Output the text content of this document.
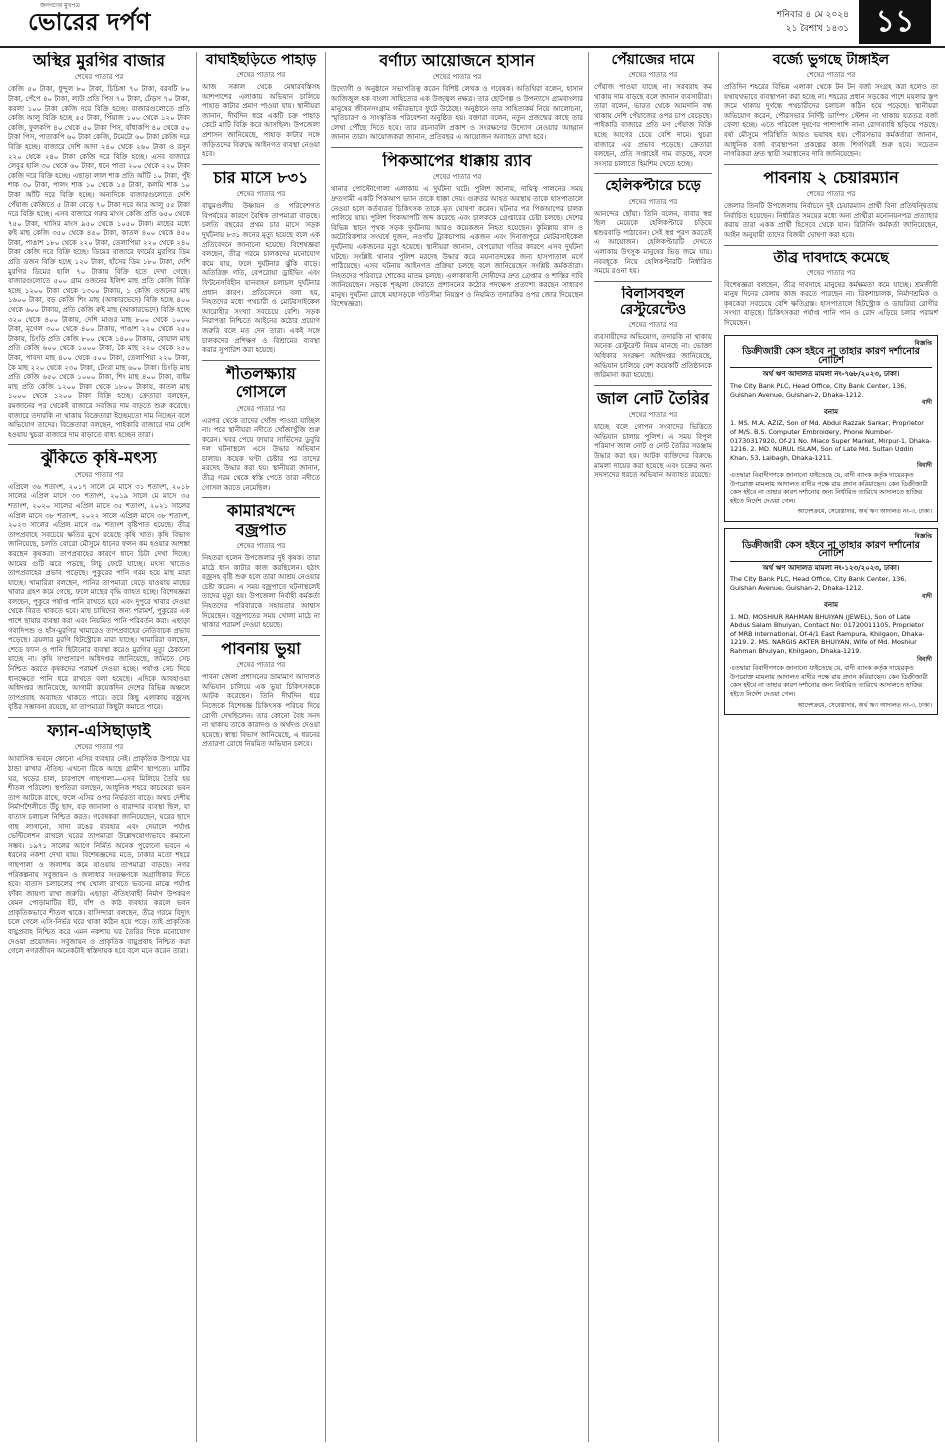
জনগণের মুখপত্র
ভোরের দর্পণ	শনিবার ৪ মে ২০২৪
২১ বৈশাখ ১৪৩১ ১১
অস্থির মুরগির বাজার
শেষের পাতার পর

কেজি ৫০ টাকা, ধুন্দুল ৮০ টাকা, চিচিঙ্গা ৭০ টাকা, বরবটি ৮০ টাকা, পেঁপে ৪০ টাকা, লাউ প্রতি পিস ৭০ টাকা, ঢেঁড়স ৭০ টাকা, করলা ১০০ টাকা কেজি দরে বিক্রি হচ্ছে। বাজারগুলোতে প্রতি কেজি আলু বিক্রি হচ্ছে ৫৫ টাকা, পিঁয়াজ ১০০ থেকে ১২০ টাকা কেজি, ফুলকপি ৪০ থেকে ৫০ টাকা পিস, বাঁধাকপি ৪০ থেকে ৫০ টাকা পিস, পাতাকপি ৬০ টাকা কেজি, টমেটো ৬০ টাকা কেজি দরে বিক্রি হচ্ছে। বাজারে দেশি আদা ২৪০ থেকে ২৬০ টাকা ও রসুন ২২০ থেকে ২৪০ টাকা কেজি দরে বিক্রি হচ্ছে। এসব বাজারে লেবুর হালি ৩০ থেকে ৬০ টাকা, ধনে পাতা ২০০ থেকে ২২০ টাকা কেজি দরে বিক্রি হচ্ছে। এছাড়া লাল শাক প্রতি আঁটি ১০ টাকা, পুঁই শাক ৩০ টাকা, পালং শাক ১০ থেকে ১৫ টাকা, কলমি শাক ১০ টাকা আঁটি দরে বিক্রি হচ্ছে। অন্যদিকে বাজারগুলোতে দেশি পেঁয়াজ কেজিতে ৫ টাকা বেড়ে ৭০ টাকা দরে আর আলু ৫৫ টাকা দরে বিক্রি হচ্ছে। এসব বাজারে গরুর মাংস কেজি প্রতি ৬৫০ থেকে ৭৫০ টাকা, খাসির মাংস ৯৫০ থেকে ১০৫০ টাকা। মাছের মধ্যে রুই মাছ কেজি ৩৫০ থেকে ৪৫০ টাকা, কাতল ৪০০ থেকে ৪৫০ টাকা, পাঙাশ ১৮০ থেকে ২২০ টাকা, তেলাপিয়া ২২০ থেকে ২৪০ টাকা কেজি দরে বিক্রি হচ্ছে। ডিমের বাজারে ফার্মের মুরগির ডিম প্রতি ডজন বিক্রি হচ্ছে ১২০ টাকা, হাঁসের ডিম ১৮০ টাকা, দেশি মুরগির ডিমের হালি ৭০ টাকায় বিক্রি হতে দেখা গেছে। বাজারগুলোতে ৫০০ গ্রাম ওজনের ইলিশ মাছ প্রতি কেজি বিক্রি হচ্ছে ১২০০ টাকা থেকে ১৩০০ টাকায়, ১ কেজি ওজনের মাছ ১৬০০ টাকা, বড় কেজি শিং মাছ (আকারভেদে) বিক্রি হচ্ছে ৪০০ থেকে ৬০০ টাকায়, প্রতি কেজি রুই মাছ (আকারভেদে) বিক্রি হচ্ছে ৩২০ থেকে ৪০০ টাকায়, দেশি মাগুর মাছ ৮০০ থেকে ১০০০ টাকা, মৃগেল ৩০০ থেকে ৪০০ টাকায়, পাঙাশ ২২০ থেকে ২৫০ টাকায়, চিংড়ি প্রতি কেজি ৮০০ থেকে ১৪০০ টাকায়, বোয়াল মাছ প্রতি কেজি ৬০০ থেকে ১০০০ টাকা, কৈ মাছ ২২০ থেকে ২৫০ টাকা, পাবদা মাছ ৪০০ থেকে ৫০০ টাকা, তেলাপিয়া ২২০ টাকা, কৈ মাছ ২২০ থেকে ২৩০ টাকা, টেংরা মাছ ৬০০ টাকা। চিংড়ি মাছ প্রতি কেজি ৬৫০ থেকে ১০০০ টাকা, শিং মাছ ৪০০ টাকা, বাইম মাছ প্রতি কেজি ১২০০ টাকা থেকে ১৮০০ টাকায়, কাতল মাছ ১০০০ থেকে ১২০০ টাকা বিক্রি হচ্ছে। ক্রেতারা বলছেন, রমজানের পর থেকেই বাজারে সবজির দাম বাড়তে শুরু করেছে। বাজারে তদারকি না থাকায় বিক্রেতারা ইচ্ছেমতো দাম নিচ্ছেন বলে অভিযোগ তাদের। বিক্রেতারা বলছেন, পাইকারি বাজারে দাম বেশি হওয়ায় খুচরা বাজারে দাম বাড়াতে বাধ্য হচ্ছেন তারা।

ঝুঁকিতে কৃষি-মৎস্য
শেষের পাতার পর

এপ্রিলে ৩৬ শতাংশ, ২০১৭ সালে মে মাসে ৩১ শতাংশ, ২০১৮ সালের এপ্রিল মাসে ৩৩ শতাংশ, ২০১৯ সালে মে মাসে ৩৫ শতাংশ, ২০২০ সালের এপ্রিল মাসে ৩৫ শতাংশ, ২০২১ সালের এপ্রিল মাসে ৩৮ শতাংশ, ২০২২ সালে এপ্রিল মাসে ৩৮ শতাংশ, ২০২৩ সালের এপ্রিল মাসে ৩৯ শতাংশ বৃষ্টিপাত হয়েছে। তীব্র তাপপ্রবাহে সবচেয়ে ক্ষতির মুখে রয়েছে কৃষি খাত। কৃষি বিভাগ জানিয়েছে, চলতি বোরো মৌসুমে ধানের ফলন কম হওয়ার আশঙ্কা করছেন কৃষকরা। তাপপ্রবাহের কারণে ধানে চিটা দেখা দিচ্ছে। আমের গুটি ঝরে পড়ছে, লিচু ফেটে যাচ্ছে। মৎস্য খাতেও তাপপ্রবাহের প্রভাব পড়েছে। পুকুরের পানি গরম হয়ে মাছ মারা যাচ্ছে। খামারিরা বলছেন, পানির তাপমাত্রা বেড়ে যাওয়ায় মাছের খাবার গ্রহণ কমে গেছে, ফলে মাছের বৃদ্ধি ব্যাহত হচ্ছে। বিশেষজ্ঞরা বলছেন, পুকুরে পর্যাপ্ত পানি রাখতে হবে এবং দুপুরে খাবার দেওয়া থেকে বিরত থাকতে হবে। মাছ চাষিদের জন্য পরামর্শ, পুকুরের এক পাশে ছায়ার ব্যবস্থা করা এবং নিয়মিত পানি পরিবর্তন করা। এছাড়া গবাদিপশু ও হাঁস-মুরগির খামারেও তাপপ্রবাহের নেতিবাচক প্রভাব পড়েছে। ব্রয়লার মুরগি হিটস্ট্রোকে মারা যাচ্ছে। খামারিরা বলছেন, শেডে ফ্যান ও পানি ছিটানোর ব্যবস্থা করেও মুরগির মৃত্যু ঠেকানো যাচ্ছে না। কৃষি সম্প্রসারণ অধিদপ্তর জানিয়েছে, জমিতে সেচ নিশ্চিত করতে কৃষকদের পরামর্শ দেওয়া হচ্ছে। পর্যাপ্ত সেচ দিয়ে ধানক্ষেতে পানি ধরে রাখতে বলা হয়েছে। এদিকে আবহাওয়া অধিদপ্তর জানিয়েছে, আগামী কয়েকদিন দেশের বিভিন্ন অঞ্চলে তাপপ্রবাহ অব্যাহত থাকতে পারে। তবে কিছু এলাকায় বজ্রসহ বৃষ্টির সম্ভাবনা রয়েছে, যা তাপমাত্রা কিছুটা কমাতে পারে।

ফ্যান-এসিছাড়াই
শেষের পাতার পর

আবাসিক ভবনে কোনো এসির ব্যবহার নেই। প্রাকৃতিক উপায়ে ঘর ঠান্ডা রাখার ঐতিহ্য এখনো টিকে আছে গ্রামীণ স্থাপত্যে। মাটির ঘর, খড়ের চাল, চারপাশে গাছপালা—এসব মিলিয়ে তৈরি হয় শীতল পরিবেশ। স্থপতিরা বলছেন, আধুনিক শহরে কাচঘেরা ভবন তাপ আটকে রাখে, ফলে এসির ওপর নির্ভরতা বাড়ে। অথচ দেশীয় নির্মাণশৈলীতে উঁচু ছাদ, বড় জানালা ও বারান্দার ব্যবস্থা ছিল, যা বাতাস চলাচল নিশ্চিত করত। গবেষকরা জানিয়েছেন, ঘরের ছাদে গাছ লাগানো, সাদা রঙের ব্যবহার এবং দেয়ালে পর্যাপ্ত ভেন্টিলেশন রাখলে ঘরের তাপমাত্রা উল্লেখযোগ্যভাবে কমানো সম্ভব। ১৯৭১ সালের আগে নির্মিত অনেক পুরোনো ভবনে এ ধরনের নকশা দেখা যায়। বিশেষজ্ঞদের মতে, ঢাকার মতো শহরে গাছপালা ও জলাশয় কমে যাওয়ায় তাপমাত্রা বাড়ছে। নগর পরিকল্পনায় সবুজায়ন ও জলাধার সংরক্ষণকে অগ্রাধিকার দিতে হবে। বাতাস চলাচলের পথ খোলা রাখতে ভবনের মাঝে পর্যাপ্ত ফাঁকা জায়গা রাখা জরুরি। এছাড়া ঐতিহ্যবাহী নির্মাণ উপকরণ যেমন পোড়ামাটির ইট, বাঁশ ও কাঠ ব্যবহার করলে ভবন প্রাকৃতিকভাবে শীতল থাকে। বাসিন্দারা বলছেন, তীব্র গরমে বিদ্যুৎ চলে গেলে এসি-নির্ভর ঘরে থাকা কঠিন হয়ে পড়ে। তাই প্রাকৃতিক বায়ুপ্রবাহ নিশ্চিত করে এমন নকশায় ঘর তৈরির দিকে মনোযোগ দেওয়া প্রয়োজন। সবুজায়ন ও প্রাকৃতিক বায়ুপ্রবাহ নিশ্চিত করা গেলে নগরজীবন অনেকটাই স্বস্তিদায়ক হবে বলে মনে করেন তারা।

বাঘাইছড়িতে পাহাড়
শেষের পাতার পর

আজ সকাল থেকে মেম্বারবস্তিসহ আশপাশের এলাকায় অভিযান চালিয়ে পাহাড় কাটার প্রমাণ পাওয়া যায়। স্থানীয়রা জানান, দীর্ঘদিন ধরে একটি চক্র পাহাড় কেটে মাটি বিক্রি করে আসছিল। উপজেলা প্রশাসন জানিয়েছে, পাহাড় কাটার সঙ্গে জড়িতদের বিরুদ্ধে আইনগত ব্যবস্থা নেওয়া হবে।

চার মাসে ৮৩১
শেষের পাতার পর

বায়ুমণ্ডলীয় উষ্ণায়ন ও পরিবেশগত বিপর্যয়ের কারণে বৈশ্বিক তাপমাত্রা বাড়ছে। চলতি বছরের প্রথম চার মাসে সড়ক দুর্ঘটনায় ৮৩১ জনের মৃত্যু হয়েছে বলে এক প্রতিবেদনে জানানো হয়েছে। বিশেষজ্ঞরা বলছেন, তীব্র গরমে চালকদের মনোযোগ কমে যায়, ফলে দুর্ঘটনার ঝুঁকি বাড়ে। অতিরিক্ত গতি, বেপরোয়া ড্রাইভিং এবং ফিটনেসবিহীন যানবাহন চলাচল দুর্ঘটনার প্রধান কারণ। প্রতিবেদনে বলা হয়, নিহতদের মধ্যে পথচারী ও মোটরসাইকেল আরোহীর সংখ্যা সবচেয়ে বেশি। সড়ক নিরাপত্তা নিশ্চিতে আইনের কঠোর প্রয়োগ জরুরি বলে মত দেন তারা। একই সঙ্গে চালকদের প্রশিক্ষণ ও বিশ্রামের ব্যবস্থা করার সুপারিশ করা হয়েছে।

শীতলক্ষ্যায় গোসলে
শেষের পাতার পর

এরপর থেকে তাদের খোঁজ পাওয়া যাচ্ছিল না। পরে স্থানীয়রা নদীতে খোঁজাখুঁজি শুরু করেন। খবর পেয়ে ফায়ার সার্ভিসের ডুবুরি দল ঘটনাস্থলে এসে উদ্ধার অভিযান চালায়। কয়েক ঘণ্টা চেষ্টার পর তাদের মরদেহ উদ্ধার করা হয়। স্থানীয়রা জানান, তীব্র গরম থেকে স্বস্তি পেতে তারা নদীতে গোসল করতে নেমেছিল।

কামারখন্দে বজ্রপাত
শেষের পাতার পর

নিহতরা হলেন উপজেলার দুই কৃষক। তারা মাঠে ধান কাটার কাজ করছিলেন। হঠাৎ বজ্রসহ বৃষ্টি শুরু হলে তারা আশ্রয় নেওয়ার চেষ্টা করেন। এ সময় বজ্রপাতে ঘটনাস্থলেই তাদের মৃত্যু হয়। উপজেলা নির্বাহী কর্মকর্তা নিহতদের পরিবারকে সহায়তার আশ্বাস দিয়েছেন। বজ্রপাতের সময় খোলা মাঠে না থাকার পরামর্শ দেওয়া হয়েছে।

পাবনায় ভুয়া
শেষের পাতার পর

পাবনা জেলা প্রশাসনের ভ্রাম্যমাণ আদালত অভিযান চালিয়ে এক ভুয়া চিকিৎসককে আটক করেছেন। তিনি দীর্ঘদিন ধরে নিজেকে বিশেষজ্ঞ চিকিৎসক পরিচয় দিয়ে রোগী দেখছিলেন। তার কোনো বৈধ সনদ না থাকায় তাকে কারাদণ্ড ও অর্থদণ্ড দেওয়া হয়েছে। স্বাস্থ্য বিভাগ জানিয়েছে, এ ধরনের প্রতারণা রোধে নিয়মিত অভিযান চলবে।

বর্ণাঢ্য আয়োজনে হাসান
শেষের পাতার পর

উদ্যোগী ও অনুষ্ঠানে সভাপতিত্ব করেন বিশিষ্ট লেখক ও গবেষক। অতিথিরা বলেন, হাসান আজিজুল হক বাংলা সাহিত্যের এক উজ্জ্বল নক্ষত্র। তার ছোটগল্প ও উপন্যাসে গ্রামবাংলার মানুষের জীবনসংগ্রাম গভীরভাবে ফুটে উঠেছে। অনুষ্ঠানে তার সাহিত্যকর্ম নিয়ে আলোচনা, স্মৃতিচারণ ও সাংস্কৃতিক পরিবেশনা অনুষ্ঠিত হয়। বক্তারা বলেন, নতুন প্রজন্মের কাছে তার লেখা পৌঁছে দিতে হবে। তার রচনাবলি প্রকাশ ও সংরক্ষণের উদ্যোগ নেওয়ার আহ্বান জানান তারা। আয়োজকরা জানান, প্রতিবছর এ আয়োজন অব্যাহত রাখা হবে।

পিকআপের ধাক্কায় র‌্যাব
শেষের পাতার পর

থানার পোস্টোগোলা এলাকায় এ দুর্ঘটনা ঘটে। পুলিশ জানায়, দায়িত্ব পালনের সময় দ্রুতগামী একটি পিকআপ ভ্যান তাকে ধাক্কা দেয়। গুরুতর আহত অবস্থায় তাকে হাসপাতালে নেওয়া হলে কর্তব্যরত চিকিৎসক তাকে মৃত ঘোষণা করেন। ঘটনার পর পিকআপের চালক পালিয়ে যায়। পুলিশ পিকআপটি জব্দ করেছে এবং চালককে গ্রেপ্তারের চেষ্টা চলছে। দেশের বিভিন্ন স্থানে পৃথক সড়ক দুর্ঘটনায় আরও কয়েকজন নিহত হয়েছেন। কুমিল্লায় বাস ও অটোরিকশার সংঘর্ষে দুজন, নওগাঁয় ট্রাকচাপায় একজন এবং দিনাজপুরে মোটরসাইকেল দুর্ঘটনায় একজনের মৃত্যু হয়েছে। স্থানীয়রা জানান, বেপরোয়া গতির কারণে এসব দুর্ঘটনা ঘটছে। সংশ্লিষ্ট থানার পুলিশ মরদেহ উদ্ধার করে ময়নাতদন্তের জন্য হাসপাতাল মর্গে পাঠিয়েছে। এসব ঘটনায় আইনগত প্রক্রিয়া চলছে বলে জানিয়েছেন সংশ্লিষ্ট কর্মকর্তারা। নিহতদের পরিবারে শোকের মাতম চলছে। এলাকাবাসী দোষীদের দ্রুত গ্রেপ্তার ও শাস্তির দাবি জানিয়েছেন। সড়কে শৃঙ্খলা ফেরাতে প্রশাসনের কঠোর পদক্ষেপ প্রত্যাশা করছেন সাধারণ মানুষ। দুর্ঘটনা রোধে মহাসড়কে গতিসীমা নিয়ন্ত্রণ ও নিয়মিত তদারকির ওপর জোর দিয়েছেন বিশেষজ্ঞরা।

পেঁয়াজের দামে
শেষের পাতার পর

পেঁয়াজ পাওয়া যাচ্ছে না। সরবরাহ কম থাকায় দাম বাড়ছে বলে জানান ব্যবসায়ীরা। তারা বলেন, ভারত থেকে আমদানি বন্ধ থাকায় দেশি পেঁয়াজের ওপর চাপ বেড়েছে। পাইকারি বাজারে প্রতি মণ পেঁয়াজ বিক্রি হচ্ছে আগের চেয়ে বেশি দামে। খুচরা বাজারে এর প্রভাব পড়েছে। ক্রেতারা বলছেন, প্রতি সপ্তাহেই দাম বাড়ছে, ফলে সংসার চালাতে হিমশিম খেতে হচ্ছে।

হেলিকপ্টারে চড়ে
শেষের পাতার পর

আনন্দের ছোঁয়া। তিনি বলেন, বাবার স্বপ্ন ছিল মেয়েকে হেলিকপ্টারে চড়িয়ে শ্বশুরবাড়ি পাঠাবেন। সেই স্বপ্ন পূরণ করতেই এ আয়োজন। হেলিকপ্টারটি দেখতে এলাকায় উৎসুক মানুষের ভিড় জমে যায়। নববধূকে নিয়ে হেলিকপ্টারটি নির্ধারিত সময়ে রওনা হয়।

বিলাসবহুল রেস্টুরেন্টেও
শেষের পাতার পর

ব্যবসায়ীদের অভিযোগ, তদারকি না থাকায় অনেক রেস্টুরেন্ট নিয়ম মানছে না। ভোক্তা অধিকার সংরক্ষণ অধিদপ্তর জানিয়েছে, অভিযান চালিয়ে বেশ কয়েকটি প্রতিষ্ঠানকে জরিমানা করা হয়েছে।

জাল নোট তৈরির
শেষের পাতার পর

যাচ্ছে বলে গোপন সংবাদের ভিত্তিতে অভিযান চালায় পুলিশ। এ সময় বিপুল পরিমাণ জাল নোট ও নোট তৈরির সরঞ্জাম উদ্ধার করা হয়। আটক ব্যক্তিদের বিরুদ্ধে মামলা দায়ের করা হয়েছে এবং চক্রের অন্য সদস্যদের ধরতে অভিযান অব্যাহত রয়েছে।

বর্জ্যে ভুগছে টাঙ্গাইল
শেষের পাতার পর

প্রতিদিন শহরের বিভিন্ন এলাকা থেকে টন টন বর্জ্য সংগ্রহ করা হলেও তা যথাযথভাবে ব্যবস্থাপনা করা হচ্ছে না। শহরের প্রধান সড়কের পাশে ময়লার স্তূপ জমে থাকায় দুর্গন্ধে পথচারীদের চলাচল কঠিন হয়ে পড়েছে। স্থানীয়রা অভিযোগ করেন, পৌরসভার নির্দিষ্ট ডাম্পিং স্টেশন না থাকায় যত্রতত্র বর্জ্য ফেলা হচ্ছে। এতে পরিবেশ দূষণের পাশাপাশি নানা রোগব্যাধি ছড়িয়ে পড়ছে। বর্ষা মৌসুমে পরিস্থিতি আরও ভয়াবহ হয়। পৌরসভার কর্মকর্তারা জানান, আধুনিক বর্জ্য ব্যবস্থাপনা প্রকল্পের কাজ শিগগিরই শুরু হবে। সচেতন নাগরিকরা দ্রুত স্থায়ী সমাধানের দাবি জানিয়েছেন।

পাবনায় ২ চেয়ারম্যান
শেষের পাতার পর

জেলার তিনটি উপজেলায় নির্বাচনে দুই চেয়ারম্যান প্রার্থী বিনা প্রতিদ্বন্দ্বিতায় নির্বাচিত হয়েছেন। নির্ধারিত সময়ের মধ্যে অন্য প্রার্থীরা মনোনয়নপত্র প্রত্যাহার করায় তারা একক প্রার্থী হিসেবে থেকে যান। রিটার্নিং কর্মকর্তা জানিয়েছেন, আইন অনুযায়ী তাদের বিজয়ী ঘোষণা করা হবে।

তীব্র দাবদাহে কমেছে
শেষের পাতার পর

বিশেষজ্ঞরা বলছেন, তীব্র দাবদাহে মানুষের কর্মক্ষমতা কমে যাচ্ছে। শ্রমজীবী মানুষ দিনের বেলায় কাজ করতে পারছেন না। রিকশাচালক, নির্মাণশ্রমিক ও কৃষকেরা সবচেয়ে বেশি ক্ষতিগ্রস্ত। হাসপাতালে হিটস্ট্রোক ও ডায়রিয়া রোগীর সংখ্যা বাড়ছে। চিকিৎসকরা পর্যাপ্ত পানি পান ও রোদ এড়িয়ে চলার পরামর্শ দিয়েছেন।

বিজ্ঞপ্তি
ডিক্রীজারী কেস হইবে না তাহার কারণ দর্শানোর নোটিশ
অর্থ ঋণ আদালত মামলা নং-৭৬৮/২০২৩, ঢাকা।
The City Bank PLC, Head Office, City Bank Center, 136, Gulshan Avenue, Gulshan-2, Dhaka-1212.
বাদী
বনাম
1. MS. M.A. AZIZ, Son of Md. Abdul Razzak Sarkar, Proprietor of M/S. B.S. Computer Embroidery, Phone Number-01730317920, Of-21 No. Miaco Super Market, Mirpur-1, Dhaka-1216. 2. MD. NURUL ISLAM, Son of Late Md. Sultan Uddin Khan, 53, Lalbagh, Dhaka-1211.
বিবাদী
এতদ্বারা বিবাদীগণকে জানানো যাইতেছে যে, বাদী ব্যাংক কর্তৃক দায়েরকৃত উপরোক্ত মামলায় আদালত বাদীর পক্ষে রায় প্রদান করিয়াছেন। কেন ডিক্রীজারী কেস হইবে না তাহার কারণ দর্শানোর জন্য নির্ধারিত তারিখে আদালতে হাজির হইতে নির্দেশ দেওয়া গেল।
আদেশক্রমে, সেরেস্তাদার, অর্থ ঋণ আদালত নং-৩, ঢাকা।
বিজ্ঞপ্তি
ডিক্রীজারী কেস হইবে না তাহার কারণ দর্শানোর নোটিশ
অর্থ ঋণ আদালত মামলা নং-১২৩/২০২৩, ঢাকা।
The City Bank PLC, Head Office, City Bank Center, 136, Gulshan Avenue, Gulshan-2, Dhaka-1212.
বাদী
বনাম
1. MD. MOSHIUR RAHMAN BHUIYAN (JEWEL), Son of Late Abdus Salam Bhuiyan, Contact No: 01720011105, Proprietor of MRB International, Of-4/1 East Rampura, Khilgaon, Dhaka-1219. 2. MS. NARGIS AKTER BHUIYAN, Wife of Md. Moshiur Rahman Bhuiyan, Khilgaon, Dhaka-1219.
বিবাদী
এতদ্বারা বিবাদীগণকে জানানো যাইতেছে যে, বাদী ব্যাংক কর্তৃক দায়েরকৃত উপরোক্ত মামলায় আদালত বাদীর পক্ষে রায় প্রদান করিয়াছেন। কেন ডিক্রীজারী কেস হইবে না তাহার কারণ দর্শানোর জন্য নির্ধারিত তারিখে আদালতে হাজির হইতে নির্দেশ দেওয়া গেল।
আদেশক্রমে, সেরেস্তাদার, অর্থ ঋণ আদালত নং-৩, ঢাকা।
